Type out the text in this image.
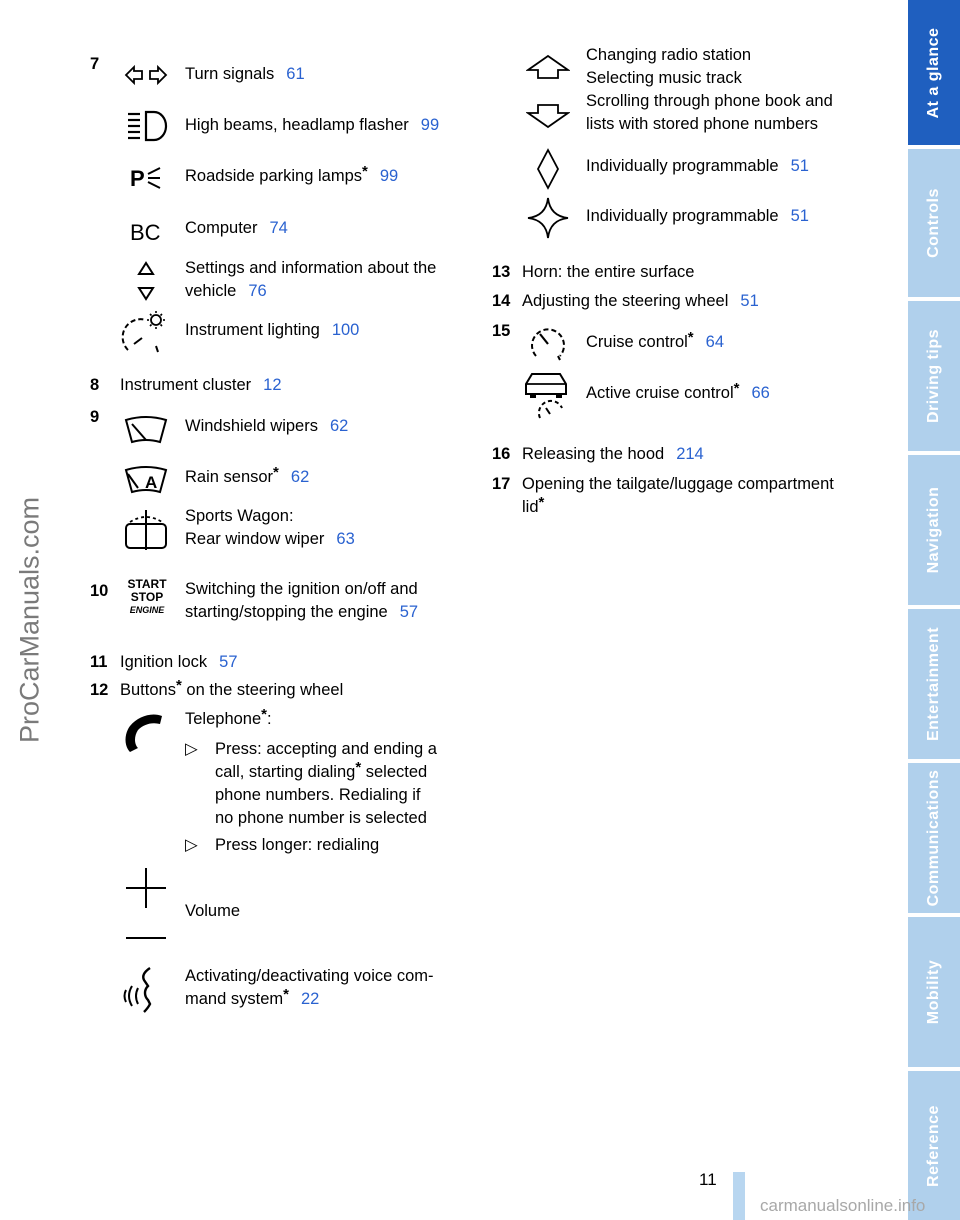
ProCarManuals.com
At a glance
Controls
Driving tips
Navigation
Entertainment
Communications
Mobility
Reference
7
Turn signals 61
High beams, headlamp flasher 99
P Roadside parking lamps* 99
BC Computer 74
Settings and information about the
vehicle 76
Instrument lighting 100
8 Instrument cluster 12
9	Windshield wipers 62
A Rain sensor* 62
Sports Wagon:
Rear window wiper 63
10 START
STOP
ENGINE
Switching the ignition on/off and
starting/stopping the engine 57
11 Ignition lock 57
12 Buttons* on the steering wheel
Telephone*:
▷ Press: accepting and ending a
call, starting dialing* selected
phone numbers. Redialing if
no phone number is selected
▷ Press longer: redialing
Volume
Activating/deactivating voice com-
mand system* 22
Changing radio station
Selecting music track
Scrolling through phone book and
lists with stored phone numbers
Individually programmable 51
Individually programmable 51
13 Horn: the entire surface
14 Adjusting the steering wheel 51
15
Cruise control* 64
Active cruise control* 66
16 Releasing the hood 214
17 Opening the tailgate/luggage compartment
lid*
11
carmanualsonline.info
